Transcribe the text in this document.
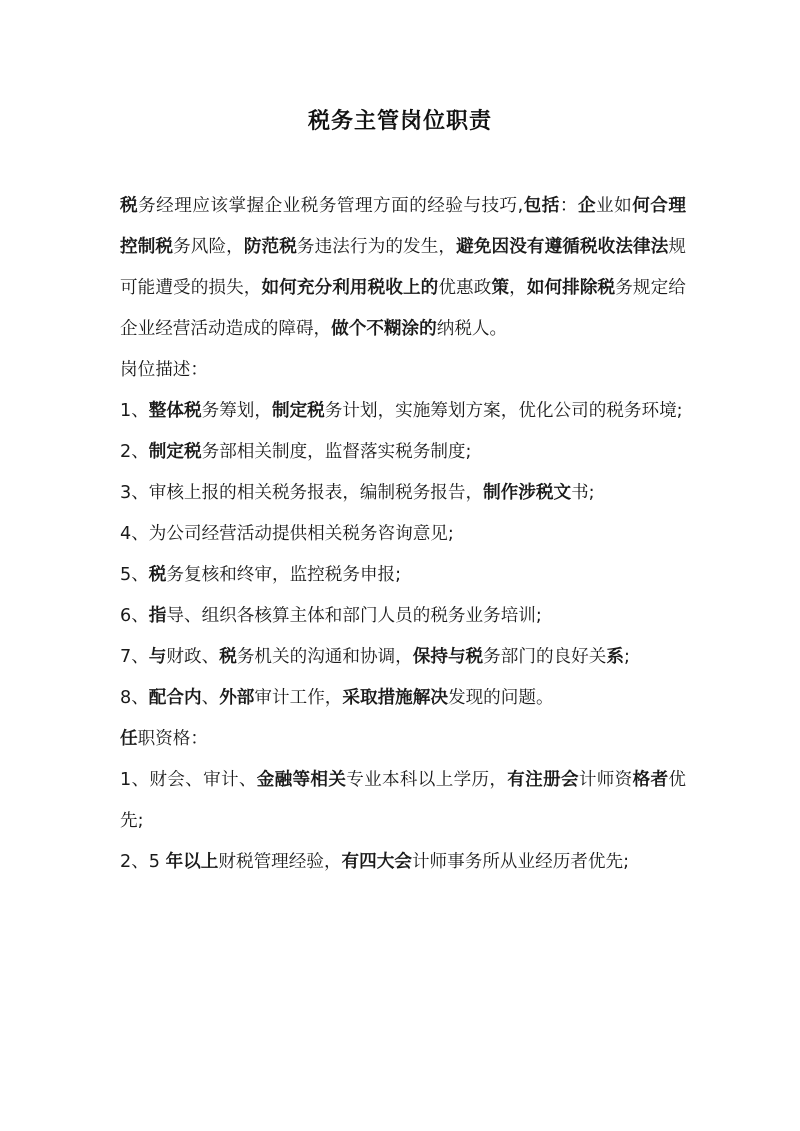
税务主管岗位职责

税务经理应该掌握企业税务管理方面的经验与技巧,包括：企业如何合理控制税务风险，防范税务违法行为的发生，避免因没有遵循税收法律法规可能遭受的损失，如何充分利用税收上的优惠政策，如何排除税务规定给企业经营活动造成的障碍，做个不糊涂的纳税人。

岗位描述：

1、整体税务筹划，制定税务计划，实施筹划方案，优化公司的税务环境;

2、制定税务部相关制度，监督落实税务制度;

3、审核上报的相关税务报表，编制税务报告，制作涉税文书;

4、为公司经营活动提供相关税务咨询意见;

5、税务复核和终审，监控税务申报;

6、指导、组织各核算主体和部门人员的税务业务培训;

7、与财政、税务机关的沟通和协调，保持与税务部门的良好关系;

8、配合内、外部审计工作，采取措施解决发现的问题。

任职资格：

1、财会、审计、金融等相关专业本科以上学历，有注册会计师资格者优先;

2、5 年以上财税管理经验，有四大会计师事务所从业经历者优先;
